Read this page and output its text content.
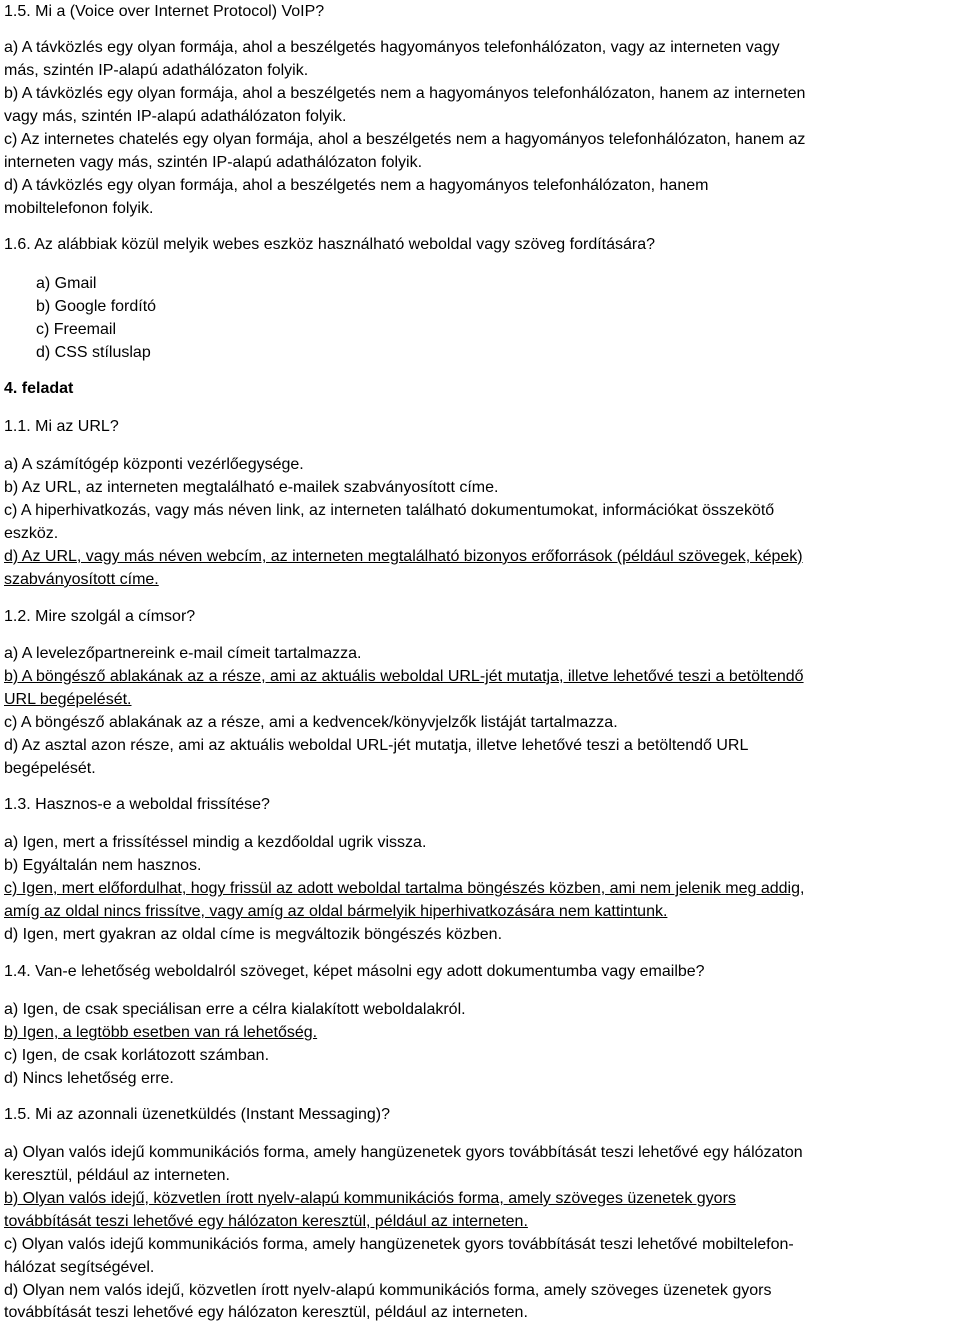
1.5. Mi a (Voice over Internet Protocol) VoIP?
a) A távközlés egy olyan formája, ahol a beszélgetés hagyományos telefonhálózaton, vagy az interneten vagy
más, szintén IP-alapú adathálózaton folyik.
b) A távközlés egy olyan formája, ahol a beszélgetés nem a hagyományos telefonhálózaton, hanem az interneten
vagy más, szintén IP-alapú adathálózaton folyik.
c) Az internetes chatelés egy olyan formája, ahol a beszélgetés nem a hagyományos telefonhálózaton, hanem az
interneten vagy más, szintén IP-alapú adathálózaton folyik.
d) A távközlés egy olyan formája, ahol a beszélgetés nem a hagyományos telefonhálózaton, hanem
mobiltelefonon folyik.
1.6. Az alábbiak közül melyik webes eszköz használható weboldal vagy szöveg fordítására?
a) Gmail
b) Google fordító
c) Freemail
d) CSS stíluslap
4. feladat
1.1. Mi az URL?
a) A számítógép központi vezérlőegysége.
b) Az URL, az interneten megtalálható e-mailek szabványosított címe.
c) A hiperhivatkozás, vagy más néven link, az interneten található dokumentumokat, információkat összekötő
eszköz.
d) Az URL, vagy más néven webcím, az interneten megtalálható bizonyos erőforrások (például szövegek, képek)
szabványosított címe.
1.2. Mire szolgál a címsor?
a) A levelezőpartnereink e-mail címeit tartalmazza.
b) A böngésző ablakának az a része, ami az aktuális weboldal URL-jét mutatja, illetve lehetővé teszi a betöltendő
URL begépelését.
c) A böngésző ablakának az a része, ami a kedvencek/könyvjelzők listáját tartalmazza.
d) Az asztal azon része, ami az aktuális weboldal URL-jét mutatja, illetve lehetővé teszi a betöltendő URL
begépelését.
1.3. Hasznos-e a weboldal frissítése?
a) Igen, mert a frissítéssel mindig a kezdőoldal ugrik vissza.
b) Egyáltalán nem hasznos.
c) Igen, mert előfordulhat, hogy frissül az adott weboldal tartalma böngészés közben, ami nem jelenik meg addig,
amíg az oldal nincs frissítve, vagy amíg az oldal bármelyik hiperhivatkozására nem kattintunk.
d) Igen, mert gyakran az oldal címe is megváltozik böngészés közben.
1.4. Van-e lehetőség weboldalról szöveget, képet másolni egy adott dokumentumba vagy emailbe?
a) Igen, de csak speciálisan erre a célra kialakított weboldalakról.
b) Igen, a legtöbb esetben van rá lehetőség.
c) Igen, de csak korlátozott számban.
d) Nincs lehetőség erre.
1.5. Mi az azonnali üzenetküldés (Instant Messaging)?
a) Olyan valós idejű kommunikációs forma, amely hangüzenetek gyors továbbítását teszi lehetővé egy hálózaton
keresztül, például az interneten.
b) Olyan valós idejű, közvetlen írott nyelv-alapú kommunikációs forma, amely szöveges üzenetek gyors
továbbítását teszi lehetővé egy hálózaton keresztül, például az interneten.
c) Olyan valós idejű kommunikációs forma, amely hangüzenetek gyors továbbítását teszi lehetővé mobiltelefon-
hálózat segítségével.
d) Olyan nem valós idejű, közvetlen írott nyelv-alapú kommunikációs forma, amely szöveges üzenetek gyors
továbbítását teszi lehetővé egy hálózaton keresztül, például az interneten.
